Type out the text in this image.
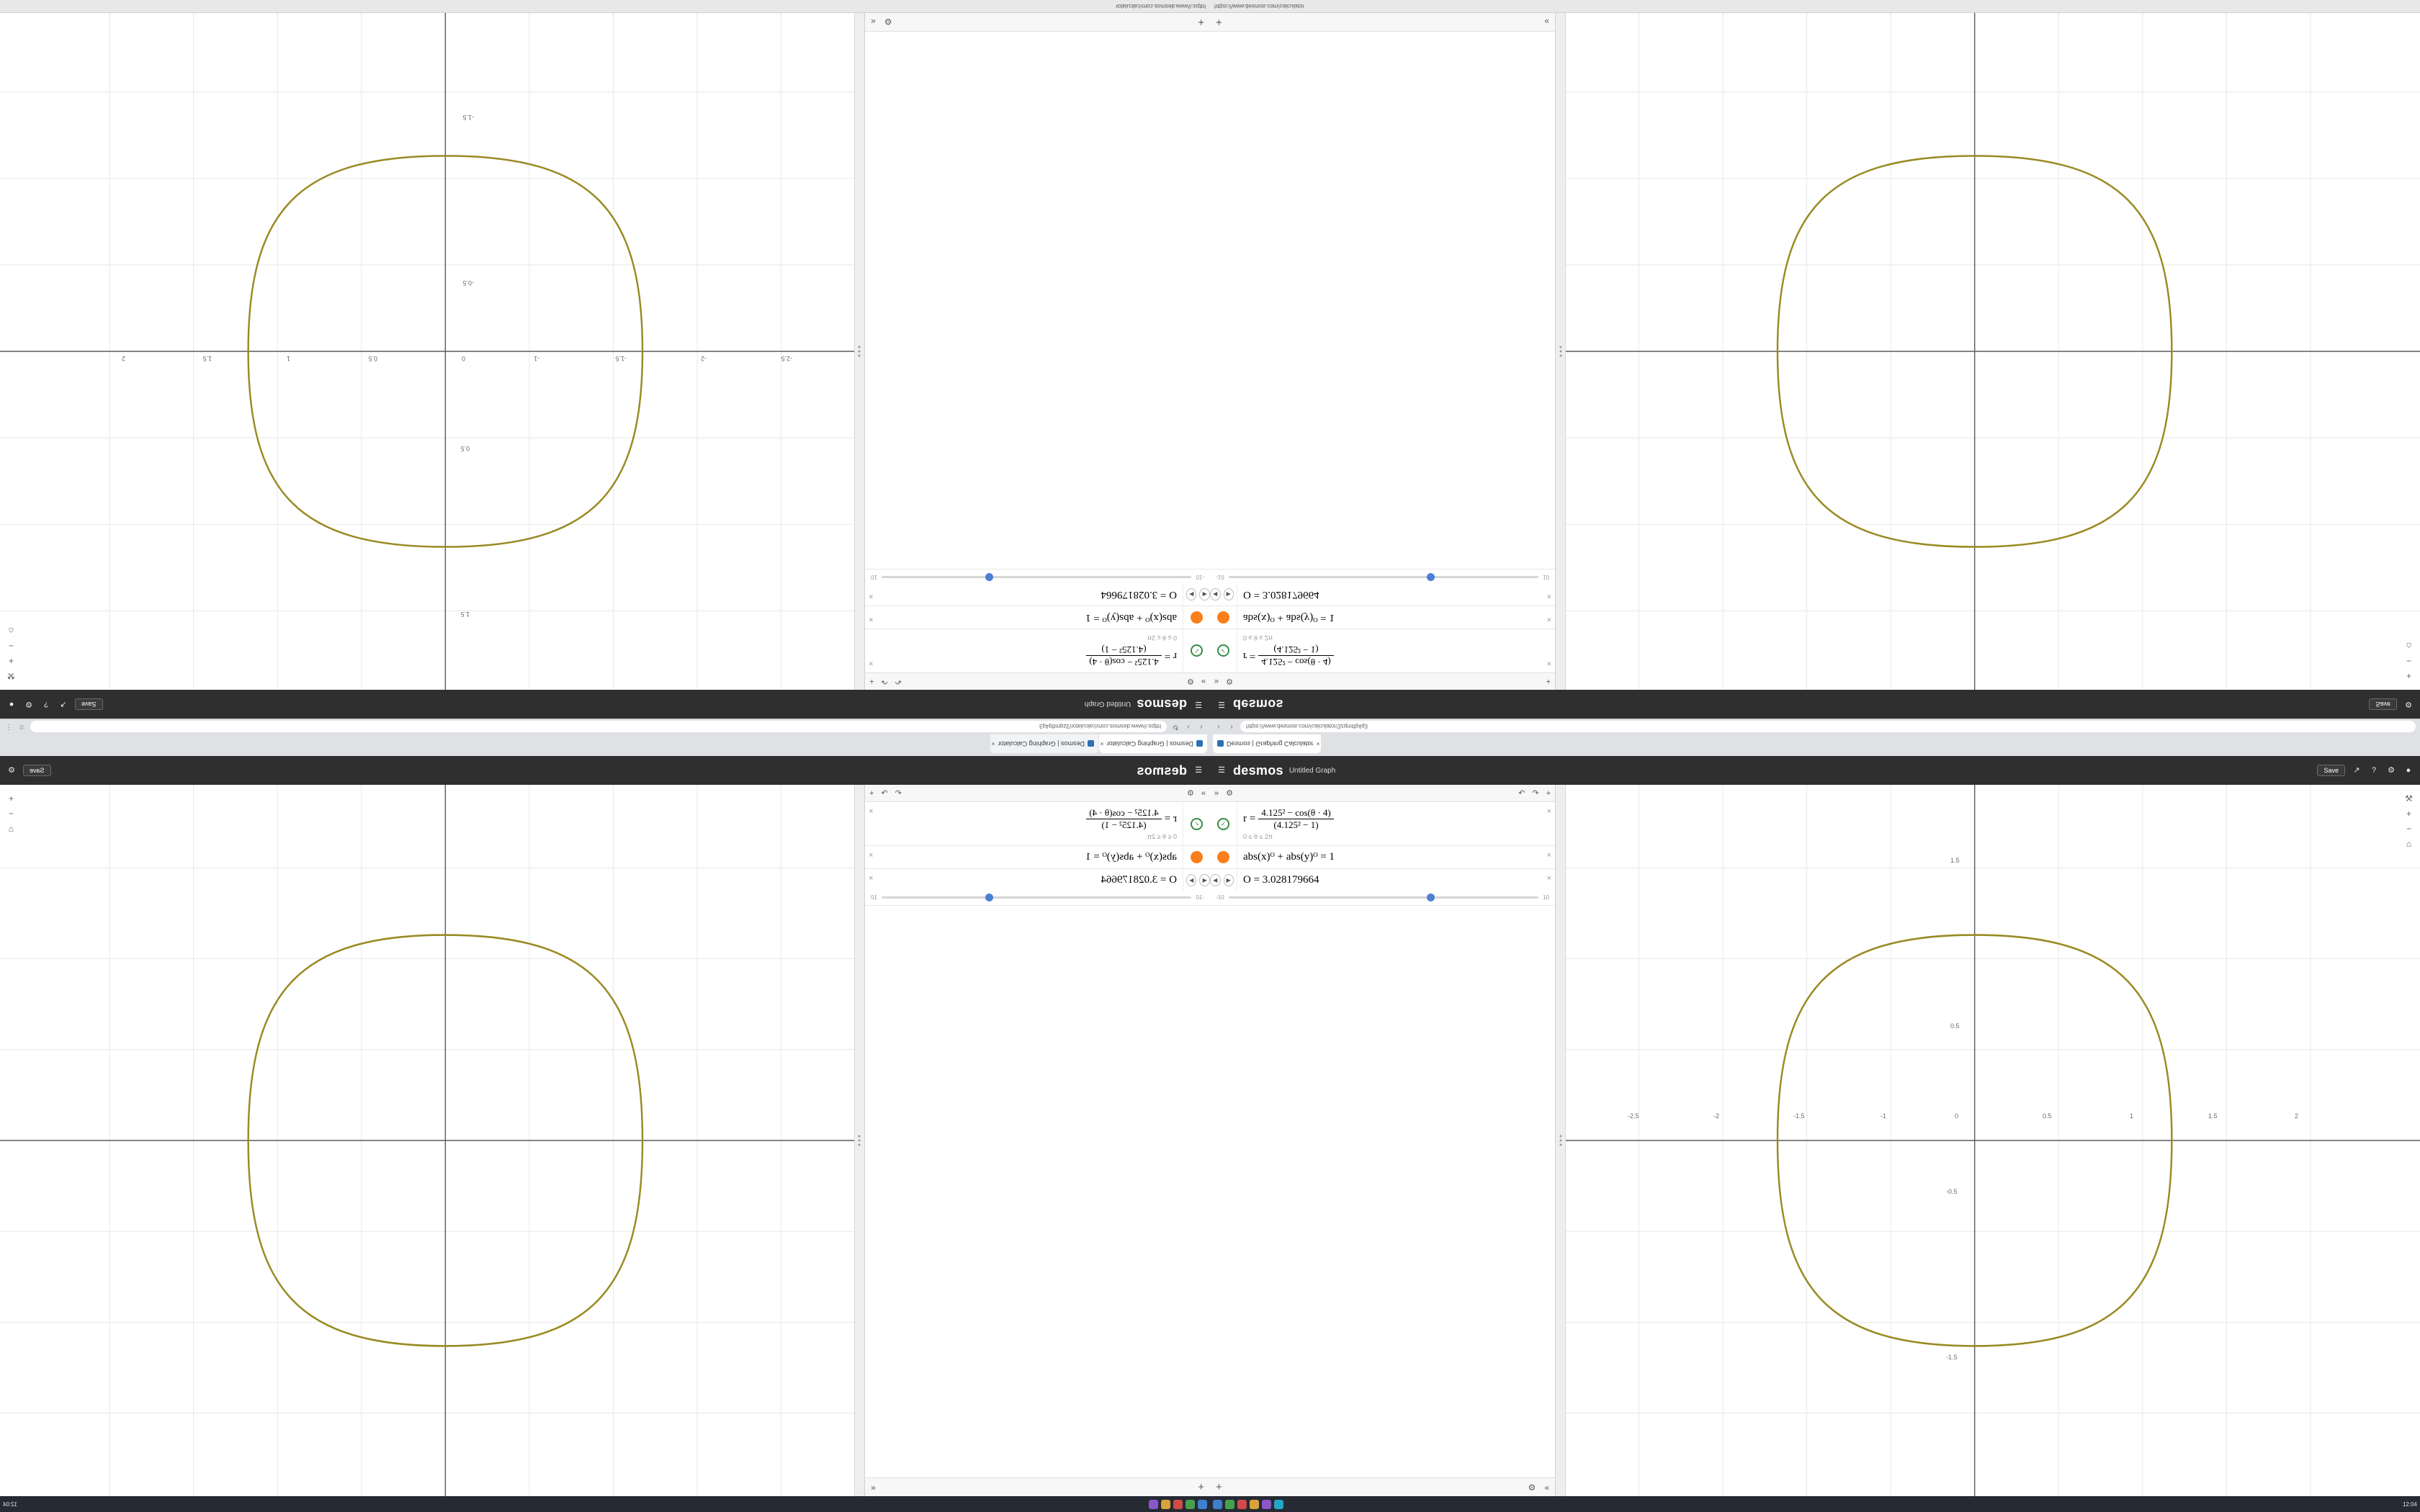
Desmos | Graphing Calculator
×
Desmos | Graphing Calculator
×
‹
›
↻
https://www.desmos.com/calculator/3zqmtfq4q3
☆
⋮
☰
desmos
Untitled Graph
Save
↗
?
⚙
●
»
⚙
↶
↷
+
✓
r =
4.125² − cos(θ · 4)
(4.125² − 1)
0 ≤ θ ≤ 2π
×
abs(x)ᴼ + abs(y)ᴼ = 1
×
◀
▶
O = 3.028179664
×
-10
10
+
⚙
«
-2.5
-2
-1.5
-1
0
0.5
1
1.5
2
1.5
0.5
-0.5
-1.5
⚒
+
−
⌂
https://www.desmos.com/calculator
Desmos | Graphing Calculator ×
‹	›	https://www.desmos.com/calculator/3zqmtfq4q3
☰ desmos	Save	⚙
» ⚙	+
✓	r =
4.125² − cos(θ · 4)
(4.125² − 1)
0 ≤ θ ≤ 2π
×
abs(x)ᴼ + abs(y)ᴼ = 1	×
◀	▶ O = 3.028179664	×
-10	10
+	«
+
−
⌂
https://www.desmos.com/calculator
☰
desmos
Save
⚙
»
⚙
↶
↷
+
✓
r =
$\frac{\text{4.125² − cos(θ · 4)}}{\text{(4.125² − 1)}}$
0 ≤ θ ≤ 2π
×
abs(x)ᴼ + abs(y)ᴼ = 1
×
◀
▶
O = 3.028179664
×
-10
10
+
«
+
−
⌂
12:04
☰ desmos Untitled Graph	Save	↗	?	⚙	●
» ⚙	↶ ↷ +
✓	$r = \frac{\text{4.125² − cos(θ · 4)}}{\text{(4.125² − 1)}}$
0 ≤ θ ≤ 2π
×
abs(x)ᴼ + abs(y)ᴼ = 1	×
◀	▶ O = 3.028179664	×
-10	10
+	⚙ «
-2.5	-2	-1.5	-1	0	0.5	1	1.5	2
1.5
0.5
-0.5
-1.5
⚒
+
−
⌂
12:04
